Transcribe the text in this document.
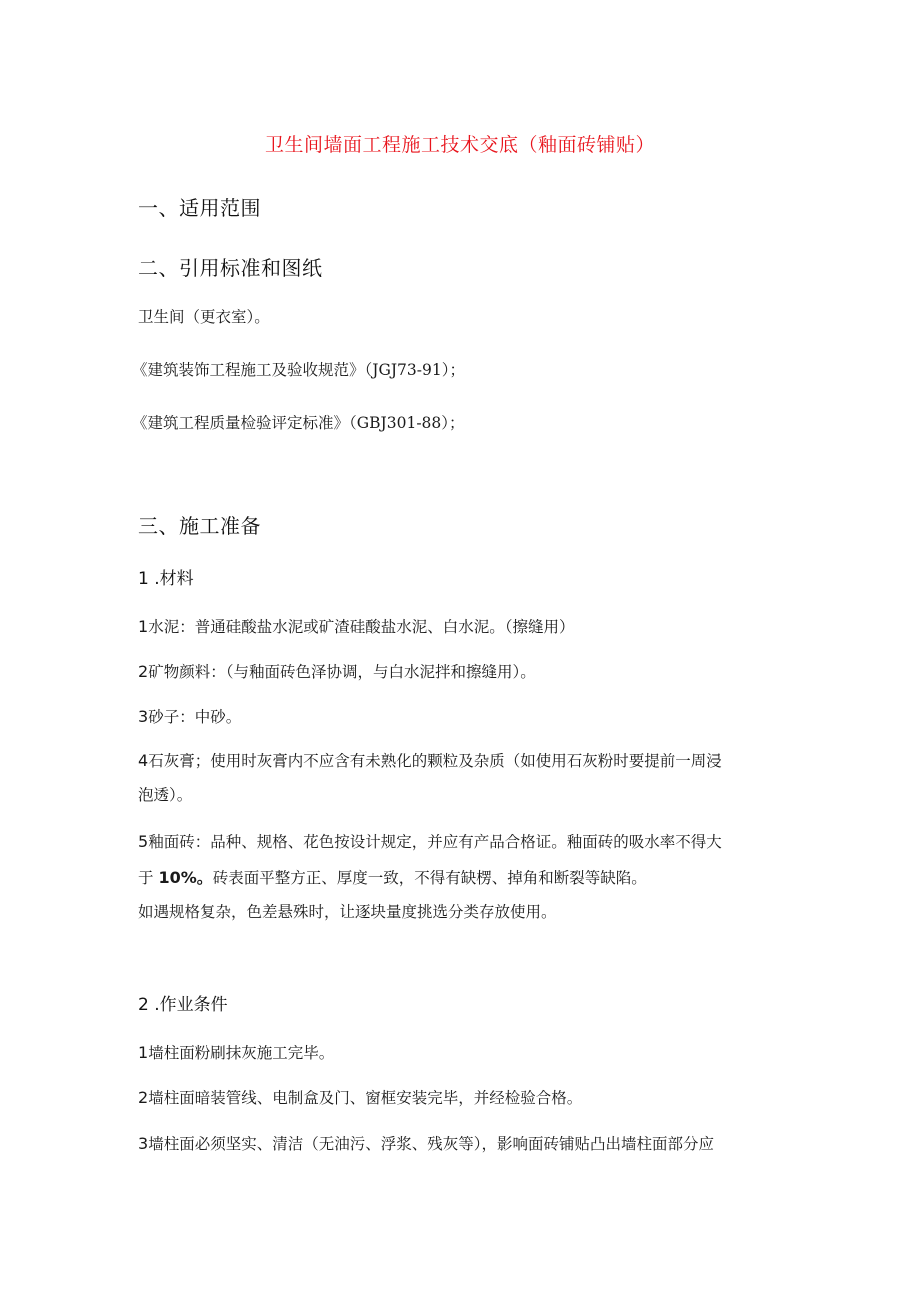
卫生间墙面工程施工技术交底（釉面砖铺贴）
一、适用范围
二、引用标准和图纸
卫生间（更衣室）。
《建筑装饰工程施工及验收规范》（JGJ73-91）；
《建筑工程质量检验评定标准》（GBJ301-88）；
三、施工准备
1 .材料
1水泥：普通硅酸盐水泥或矿渣硅酸盐水泥、白水泥。（擦缝用）
2矿物颜料：（与釉面砖色泽协调，与白水泥拌和擦缝用）。
3砂子：中砂。
4石灰膏；使用时灰膏内不应含有未熟化的颗粒及杂质（如使用石灰粉时要提前一周浸
泡透）。
5釉面砖：品种、规格、花色按设计规定，并应有产品合格证。釉面砖的吸水率不得大
于 10%。砖表面平整方正、厚度一致，不得有缺楞、掉角和断裂等缺陷。
如遇规格复杂，色差悬殊时，让逐块量度挑选分类存放使用。
2 .作业条件
1墙柱面粉刷抹灰施工完毕。
2墙柱面暗装管线、电制盒及门、窗框安装完毕，并经检验合格。
3墙柱面必须坚实、清洁（无油污、浮浆、残灰等），影响面砖铺贴凸出墙柱面部分应
